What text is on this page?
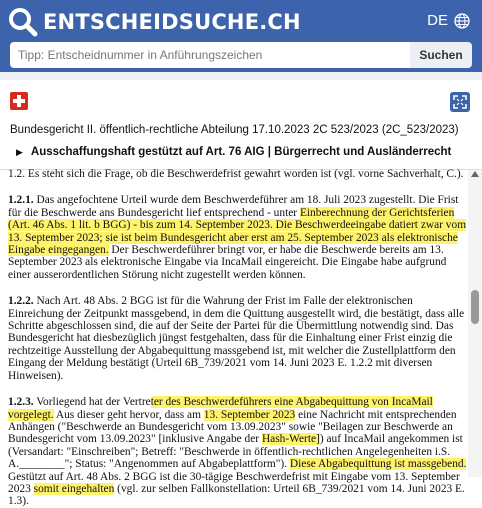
ENTSCHEIDSUCHE.CH	DE
Tipp: Entscheidnummer in Anführungszeichen
Suchen
Bundesgericht II. öffentlich-rechtliche Abteilung 17.10.2023 2C 523/2023 (2C_523/2023)
▶ Ausschaffungshaft gestützt auf Art. 76 AIG | Bürgerrecht und Ausländerrecht

1.2. Es steht sich die Frage, ob die Beschwerdefrist gewahrt worden ist (vgl. vorne Sachverhalt, C.).

1.2.1. Das angefochtene Urteil wurde dem Beschwerdeführer am 18. Juli 2023 zugestellt. Die Frist für die Beschwerde ans Bundesgericht lief entsprechend - unter Einberechnung der Gerichtsferien (Art. 46 Abs. 1 lit. b BGG) - bis zum 14. September 2023. Die Beschwerdeeingabe datiert zwar vom 13. September 2023; sie ist beim Bundesgericht aber erst am 25. September 2023 als elektronische Eingabe eingegangen. Der Beschwerdeführer bringt vor, er habe die Beschwerde bereits am 13. September 2023 als elektronische Eingabe via IncaMail eingereicht. Die Eingabe habe aufgrund einer ausserordentlichen Störung nicht zugestellt werden können.

1.2.2. Nach Art. 48 Abs. 2 BGG ist für die Wahrung der Frist im Falle der elektronischen Einreichung der Zeitpunkt massgebend, in dem die Quittung ausgestellt wird, die bestätigt, dass alle Schritte abgeschlossen sind, die auf der Seite der Partei für die Übermittlung notwendig sind. Das Bundesgericht hat diesbezüglich jüngst festgehalten, dass für die Einhaltung einer Frist einzig die rechtzeitige Ausstellung der Abgabequittung massgebend ist, mit welcher die Zustellplattform den Eingang der Meldung bestätigt (Urteil 6B_739/2021 vom 14. Juni 2023 E. 1.2.2 mit diversen Hinweisen).

1.2.3. Vorliegend hat der Vertreter des Beschwerdeführers eine Abgabequittung von IncaMail vorgelegt. Aus dieser geht hervor, dass am 13. September 2023 eine Nachricht mit entsprechenden Anhängen ("Beschwerde an Bundesgericht vom 13.09.2023" sowie "Beilagen zur Beschwerde an Bundesgericht vom 13.09.2023" [inklusive Angabe der Hash-Werte]) auf IncaMail angekommen ist (Versandart: "Einschreiben"; Betreff: "Beschwerde in öffentlich-rechtlichen Angelegenheiten i.S. A.________"; Status: "Angenommen auf Abgabeplattform"). Diese Abgabequittung ist massgebend. Gestützt auf Art. 48 Abs. 2 BGG ist die 30-tägige Beschwerdefrist mit Eingabe vom 13. September 2023 somit eingehalten (vgl. zur selben Fallkonstellation: Urteil 6B_739/2021 vom 14. Juni 2023 E. 1.3).
